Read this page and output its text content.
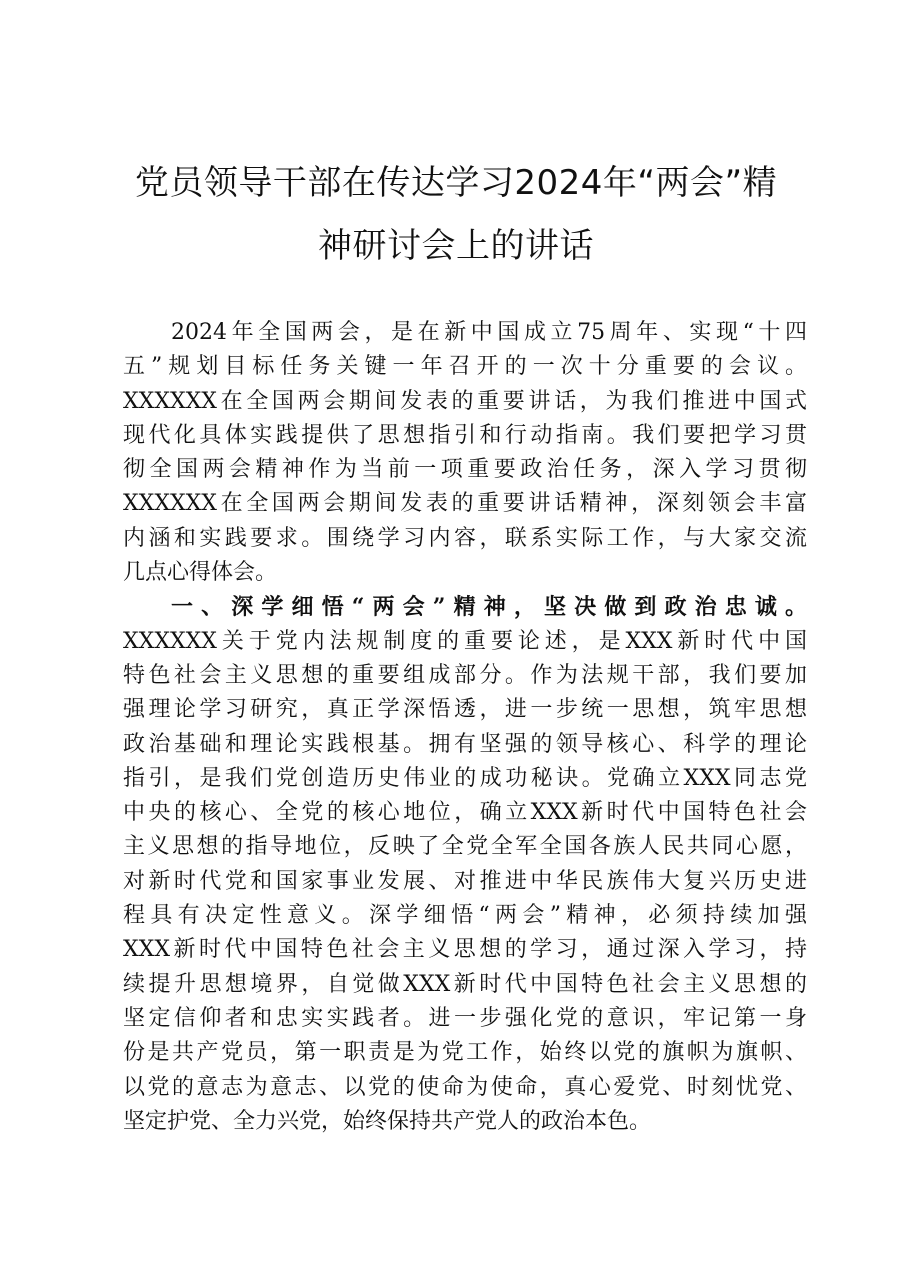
党员领导干部在传达学习2024年“两会”精
神研讨会上的讲话
2024年全国两会，是在新中国成立75周年、实现“十四
五”规划目标任务关键一年召开的一次十分重要的会议。
XXXXXX在全国两会期间发表的重要讲话，为我们推进中国式
现代化具体实践提供了思想指引和行动指南。我们要把学习贯
彻全国两会精神作为当前一项重要政治任务，深入学习贯彻
XXXXXX在全国两会期间发表的重要讲话精神，深刻领会丰富
内涵和实践要求。围绕学习内容，联系实际工作，与大家交流
几点心得体会。
一、深学细悟“两会”精神，坚决做到政治忠诚。
XXXXXX关于党内法规制度的重要论述，是XXX新时代中国
特色社会主义思想的重要组成部分。作为法规干部，我们要加
强理论学习研究，真正学深悟透，进一步统一思想，筑牢思想
政治基础和理论实践根基。拥有坚强的领导核心、科学的理论
指引，是我们党创造历史伟业的成功秘诀。党确立XXX同志党
中央的核心、全党的核心地位，确立XXX新时代中国特色社会
主义思想的指导地位，反映了全党全军全国各族人民共同心愿，
对新时代党和国家事业发展、对推进中华民族伟大复兴历史进
程具有决定性意义。深学细悟“两会”精神，必须持续加强
XXX新时代中国特色社会主义思想的学习，通过深入学习，持
续提升思想境界，自觉做XXX新时代中国特色社会主义思想的
坚定信仰者和忠实实践者。进一步强化党的意识，牢记第一身
份是共产党员，第一职责是为党工作，始终以党的旗帜为旗帜、
以党的意志为意志、以党的使命为使命，真心爱党、时刻忧党、
坚定护党、全力兴党，始终保持共产党人的政治本色。
